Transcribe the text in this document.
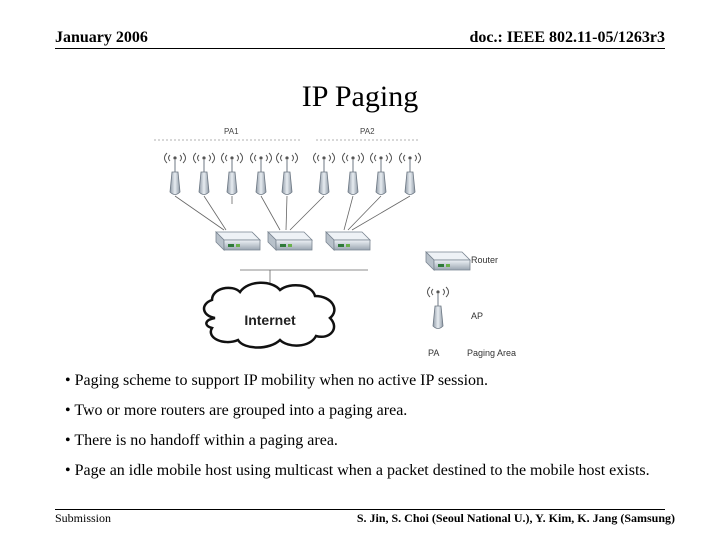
January 2006	doc.: IEEE 802.11-05/1263r3
IP Paging
PA1	PA2
Internet
Router
AP
PA	Paging Area
• Paging scheme to support IP mobility when no active IP session.
• Two or more routers are grouped into a paging area.
• There is no handoff within a paging area.
• Page an idle mobile host using multicast when a packet destined to the mobile host exists.
Submission	S. Jin, S. Choi (Seoul National U.), Y. Kim, K. Jang (Samsung)
